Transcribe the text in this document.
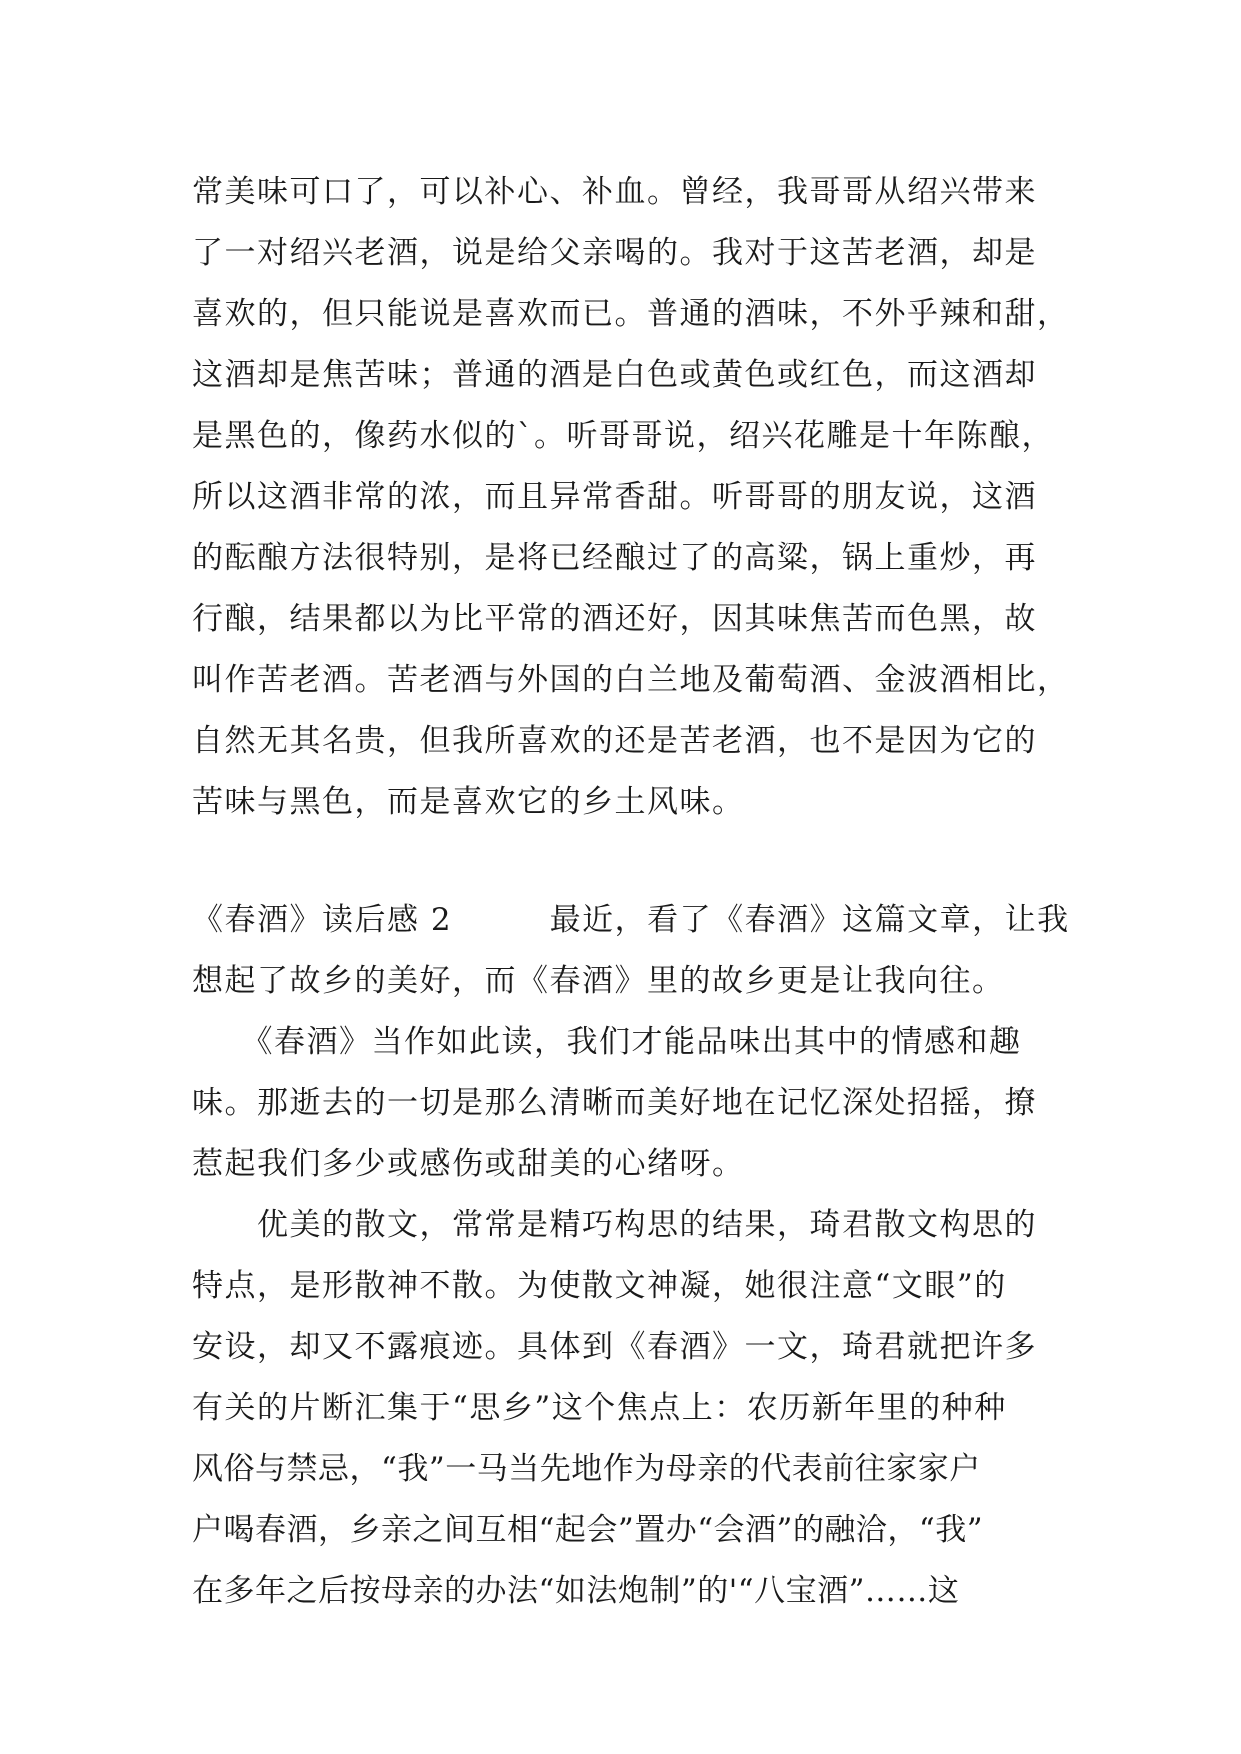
常美味可口了，可以补心、补血。曾经，我哥哥从绍兴带来
了一对绍兴老酒，说是给父亲喝的。我对于这苦老酒，却是
喜欢的，但只能说是喜欢而已。普通的酒味，不外乎辣和甜，
这酒却是焦苦味；普通的酒是白色或黄色或红色，而这酒却
是黑色的，像药水似的`。听哥哥说，绍兴花雕是十年陈酿，
所以这酒非常的浓，而且异常香甜。听哥哥的朋友说，这酒
的酝酿方法很特别，是将已经酿过了的高粱，锅上重炒，再
行酿，结果都以为比平常的酒还好，因其味焦苦而色黑，故
叫作苦老酒。苦老酒与外国的白兰地及葡萄酒、金波酒相比，
自然无其名贵，但我所喜欢的还是苦老酒，也不是因为它的
苦味与黑色，而是喜欢它的乡土风味。
《春酒》读后感 2　　　最近，看了《春酒》这篇文章，让我
想起了故乡的美好，而《春酒》里的故乡更是让我向往。
　　《春酒》当作如此读，我们才能品味出其中的情感和趣
味。那逝去的一切是那么清晰而美好地在记忆深处招摇，撩
惹起我们多少或感伤或甜美的心绪呀。
　　优美的散文，常常是精巧构思的结果，琦君散文构思的
特点，是形散神不散。为使散文神凝，她很注意“文眼”的
安设，却又不露痕迹。具体到《春酒》一文，琦君就把许多
有关的片断汇集于“思乡”这个焦点上：农历新年里的种种
风俗与禁忌，“我”一马当先地作为母亲的代表前往家家户
户喝春酒，乡亲之间互相“起会”置办“会酒”的融洽，“我”
在多年之后按母亲的办法“如法炮制”的'“八宝酒”……这
